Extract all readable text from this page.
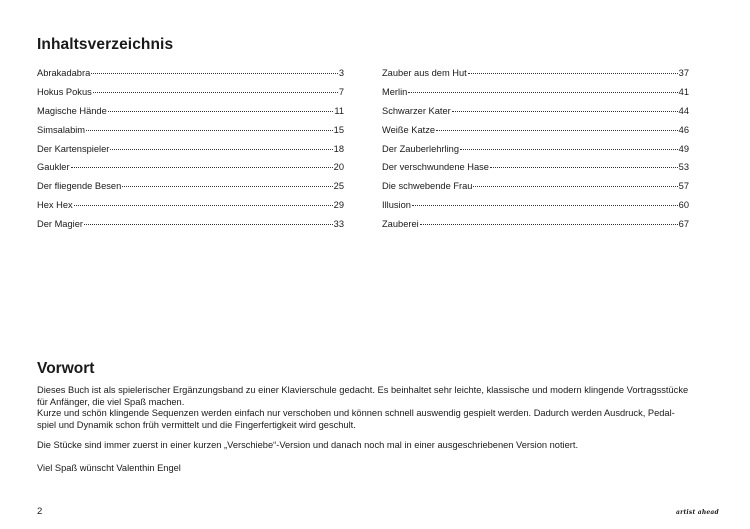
Inhaltsverzeichnis
Abrakadabra	3
Hokus Pokus	7
Magische Hände	11
Simsalabim	15
Der Kartenspieler	18
Gaukler	20
Der fliegende Besen	25
Hex Hex	29
Der Magier	33
Zauber aus dem Hut	37
Merlin	41
Schwarzer Kater	44
Weiße Katze	46
Der Zauberlehrling	49
Der verschwundene Hase	53
Die schwebende Frau	57
Illusion	60
Zauberei	67
Vorwort

Dieses Buch ist als spielerischer Ergänzungsband zu einer Klavierschule gedacht. Es beinhaltet sehr leichte, klassische und modern klingende Vortragsstücke

für Anfänger, die viel Spaß machen.

Kurze und schön klingende Sequenzen werden einfach nur verschoben und können schnell auswendig gespielt werden. Dadurch werden Ausdruck, Pedal-

spiel und Dynamik schon früh vermittelt und die Fingerfertigkeit wird geschult.

Die Stücke sind immer zuerst in einer kurzen „Verschiebe“-Version und danach noch mal in einer ausgeschriebenen Version notiert.

Viel Spaß wünscht Valenthin Engel

2	artist ahead
